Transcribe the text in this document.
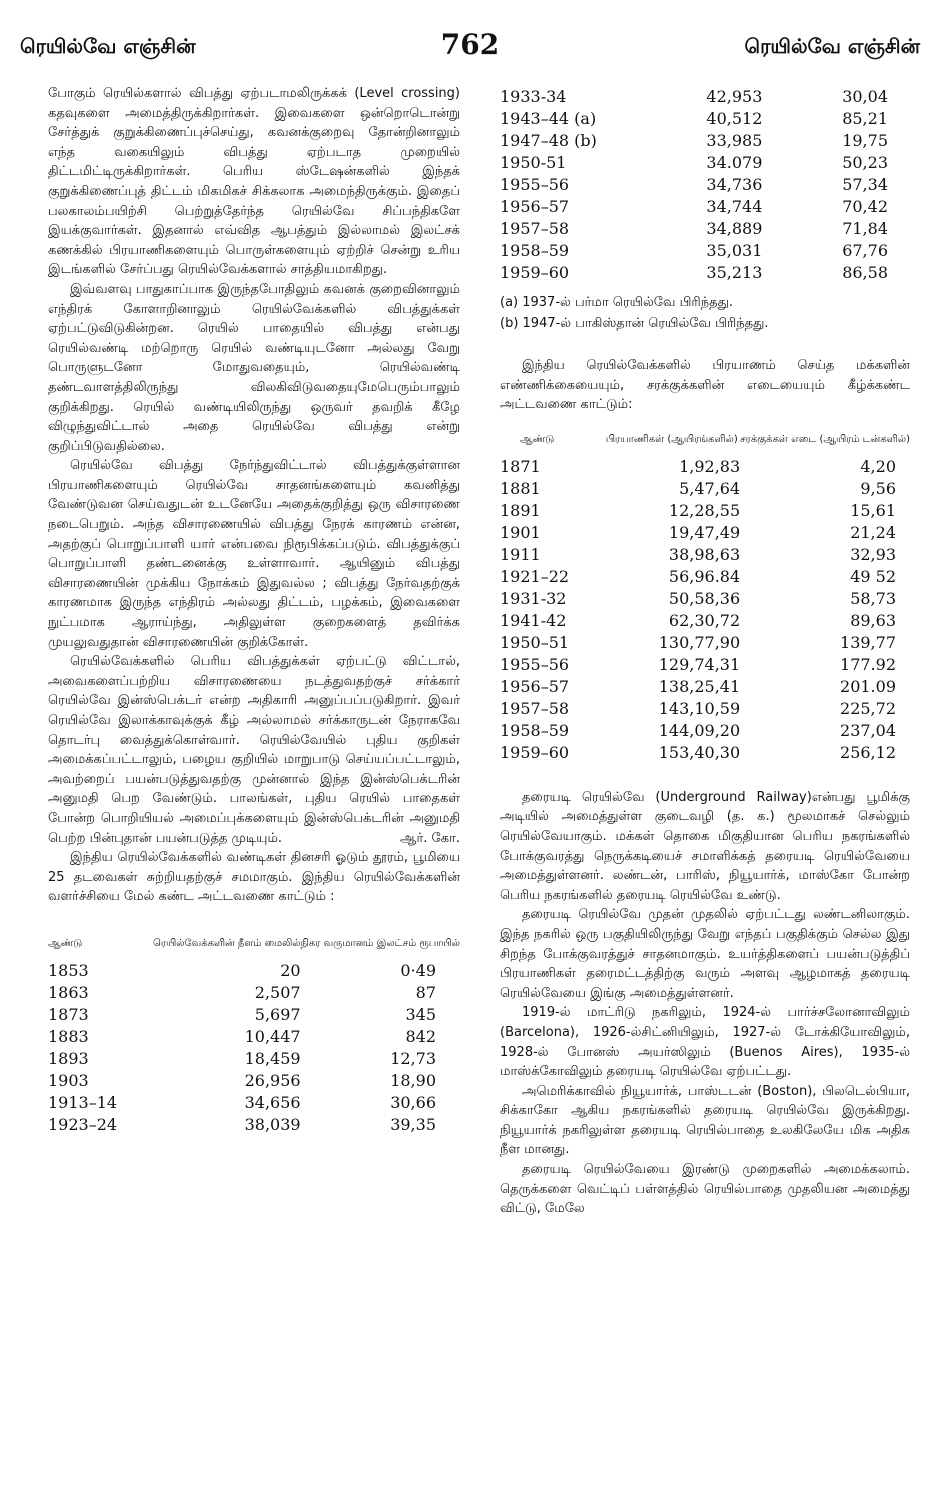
ரெயில்வே எஞ்சின்	762	ரெயில்வே எஞ்சின்

போகும் ரெயில்களால் விபத்து ஏற்படாமலிருக்கக் (Level crossing) கதவுகளை அமைத்திருக்கிறார்கள். இவைகளை ஒன்றொடொன்று சேர்த்துக் குறுக்கிணைப்புச்செய்து, கவனக்குறைவு தோன்றினாலும் எந்த வகையிலும் விபத்து ஏற்படாத முறையில் திட்டமிட்டிருக்கிறார்கள். பெரிய ஸ்டேஷன்களில் இந்தக் குறுக்கிணைப்புத் திட்டம் மிகமிகச் சிக்கலாக அமைந்திருக்கும். இதைப் பலகாலம்பயிற்சி பெற்றுத்தேர்ந்த ரெயில்வே சிப்பந்திகளே இயக்குவார்கள். இதனால் எவ்வித ஆபத்தும் இல்லாமல் இலட்சக் கணக்கில் பிரயாணிகளையும் பொருள்களையும் ஏற்றிச் சென்று உரிய இடங்களில் சேர்ப்பது ரெயில்வேக்களால் சாத்தியமாகிறது.

இவ்வளவு பாதுகாப்பாக இருந்தபோதிலும் கவனக் குறைவினாலும் எந்திரக் கோளாறினாலும் ரெயில்வேக்களில் விபத்துக்கள் ஏற்பட்டுவிடுகின்றன. ரெயில் பாதையில் விபத்து என்பது ரெயில்வண்டி மற்றொரு ரெயில் வண்டியுடனோ அல்லது வேறு பொருளுடனோ மோதுவதையும், ரெயில்வண்டி தண்டவாளத்திலிருந்து விலகிவிடுவதையுமேபெரும்பாலும் குறிக்கிறது. ரெயில் வண்டியிலிருந்து ஒருவர் தவறிக் கீழே விழுந்துவிட்டால் அதை ரெயில்வே விபத்து என்று குறிப்பிடுவதில்லை.

ரெயில்வே விபத்து நேர்ந்துவிட்டால் விபத்துக்குள்ளான பிரயாணிகளையும் ரெயில்வே சாதனங்களையும் கவனித்து வேண்டுவன செய்வதுடன் உடனேயே அதைக்குறித்து ஒரு விசாரணை நடைபெறும். அந்த விசாரணையில் விபத்து நேரக் காரணம் என்ன, அதற்குப் பொறுப்பாளி யார் என்பவை நிரூபிக்கப்படும். விபத்துக்குப் பொறுப்பாளி தண்டனைக்கு உள்ளாவார். ஆயினும் விபத்து விசாரணையின் முக்கிய நோக்கம் இதுவல்ல ; விபத்து நேர்வதற்குக் காரணமாக இருந்த எந்திரம் அல்லது திட்டம், பழக்கம், இவைகளை நுட்பமாக ஆராய்ந்து, அதிலுள்ள குறைகளைத் தவிர்க்க முயலுவதுதான் விசாரணையின் குறிக்கோள்.

ரெயில்வேக்களில் பெரிய விபத்துக்கள் ஏற்பட்டு விட்டால், அவைகளைப்பற்றிய விசாரணையை நடத்துவதற்குச் சர்க்கார் ரெயில்வே இன்ஸ்பெக்டர் என்ற அதிகாரி அனுப்பப்படுகிறார். இவர் ரெயில்வே இலாக்காவுக்குக் கீழ் அல்லாமல் சர்க்காருடன் நேராகவே தொடர்பு வைத்துக்கொள்வார். ரெயில்வேயில் புதிய குறிகள் அமைக்கப்பட்டாலும், பழைய குறியில் மாறுபாடு செய்யப்பட்டாலும், அவற்றைப் பயன்படுத்துவதற்கு முன்னால் இந்த இன்ஸ்பெக்டரின் அனுமதி பெற வேண்டும். பாலங்கள், புதிய ரெயில் பாதைகள் போன்ற பொறியியல் அமைப்புக்களையும் இன்ஸ்பெக்டரின் அனுமதி பெற்ற பின்புதான் பயன்படுத்த முடியும்.	ஆர். கோ.

இந்திய ரெயில்வேக்களில் வண்டிகள் தினசரி ஓடும் தூரம், பூமியை 25 தடவைகள் சுற்றியதற்குச் சமமாகும். இந்திய ரெயில்வேக்களின் வளர்ச்சியை மேல் கண்ட அட்டவணை காட்டும் :

ஆண்டு	ரெயில்வேக்களின் நீளம் மைலில்	நிகர வருமானம் இலட்சம் ரூபாயில்

1853	20	0·49
1863	2,507	87
1873	5,697	345
1883	10,447	842
1893	18,459	12,73
1903	26,956	18,90
1913–14	34,656	30,66
1923–24	38,039	39,35
1933-34	42,953	30,04
1943–44 (a)	40,512	85,21
1947–48 (b)	33,985	19,75
1950-51	34.079	50,23
1955–56	34,736	57,34
1956–57	34,744	70,42
1957–58	34,889	71,84
1958–59	35,031	67,76
1959–60	35,213	86,58
(a) 1937-ல் பர்மா ரெயில்வே பிரிந்தது.
(b) 1947-ல் பாகிஸ்தான் ரெயில்வே பிரிந்தது.

இந்திய ரெயில்வேக்களில் பிரயாணம் செய்த மக்களின் எண்ணிக்கையையும், சரக்குக்களின் எடையையும் கீழ்க்கண்ட அட்டவணை காட்டும்:

ஆண்டு	பிரயாணிகள் (ஆயிரங்களில்)	சரக்குக்கள் எடை (ஆயிரம் டன்களில்)

1871	1,92,83	4,20
1881	5,47,64	9,56
1891	12,28,55	15,61
1901	19,47,49	21,24
1911	38,98,63	32,93
1921–22	56,96.84	49 52
1931-32	50,58,36	58,73
1941-42	62,30,72	89,63
1950–51	130,77,90	139,77
1955–56	129,74,31	177.92
1956–57	138,25,41	201.09
1957–58	143,10,59	225,72
1958–59	144,09,20	237,04
1959–60	153,40,30	256,12

தரையடி ரெயில்வே (Underground Railway)என்பது பூமிக்கு அடியில் அமைத்துள்ள குடைவழி (த. க.) மூலமாகச் செல்லும் ரெயில்வேயாகும். மக்கள் தொகை மிகுதியான பெரிய நகரங்களில் போக்குவரத்து நெருக்கடியைச் சமாளிக்கத் தரையடி ரெயில்வேயை அமைத்துள்ளனர். லண்டன், பாரிஸ், நியூயார்க், மாஸ்கோ போன்ற பெரிய நகரங்களில் தரையடி ரெயில்வே உண்டு.

தரையடி ரெயில்வே முதன் முதலில் ஏற்பட்டது லண்டனிலாகும். இந்த நகரில் ஒரு பகுதியிலிருந்து வேறு எந்தப் பகுதிக்கும் செல்ல இது சிறந்த போக்குவரத்துச் சாதனமாகும். உயர்த்திகளைப் பயன்படுத்திப் பிரயாணிகள் தரைமட்டத்திற்கு வரும் அளவு ஆழமாகத் தரையடி ரெயில்வேயை இங்கு அமைத்துள்ளனர்.

1919-ல் மாட்ரிடு நகரிலும், 1924-ல் பார்ச்சலோனாவிலும் (Barcelona), 1926-ல்சிட்னியிலும், 1927-ல் டோக்கியோவிலும், 1928-ல் போனஸ் அயர்ஸிலும் (Buenos Aires), 1935-ல் மாஸ்க்கோவிலும் தரையடி ரெயில்வே ஏற்பட்டது.

அமெரிக்காவில் நியூயார்க், பாஸ்டடன் (Boston), பிலடெல்பியா, சிக்காகோ ஆகிய நகரங்களில் தரையடி ரெயில்வே இருக்கிறது. நியூயார்க் நகரிலுள்ள தரையடி ரெயில்பாதை உலகிலேயே மிக அதிக நீள மானது.

தரையடி ரெயில்வேயை இரண்டு முறைகளில் அமைக்கலாம். தெருக்களை வெட்டிப் பள்ளத்தில் ரெயில்பாதை முதலியன அமைத்து விட்டு, மேலே
